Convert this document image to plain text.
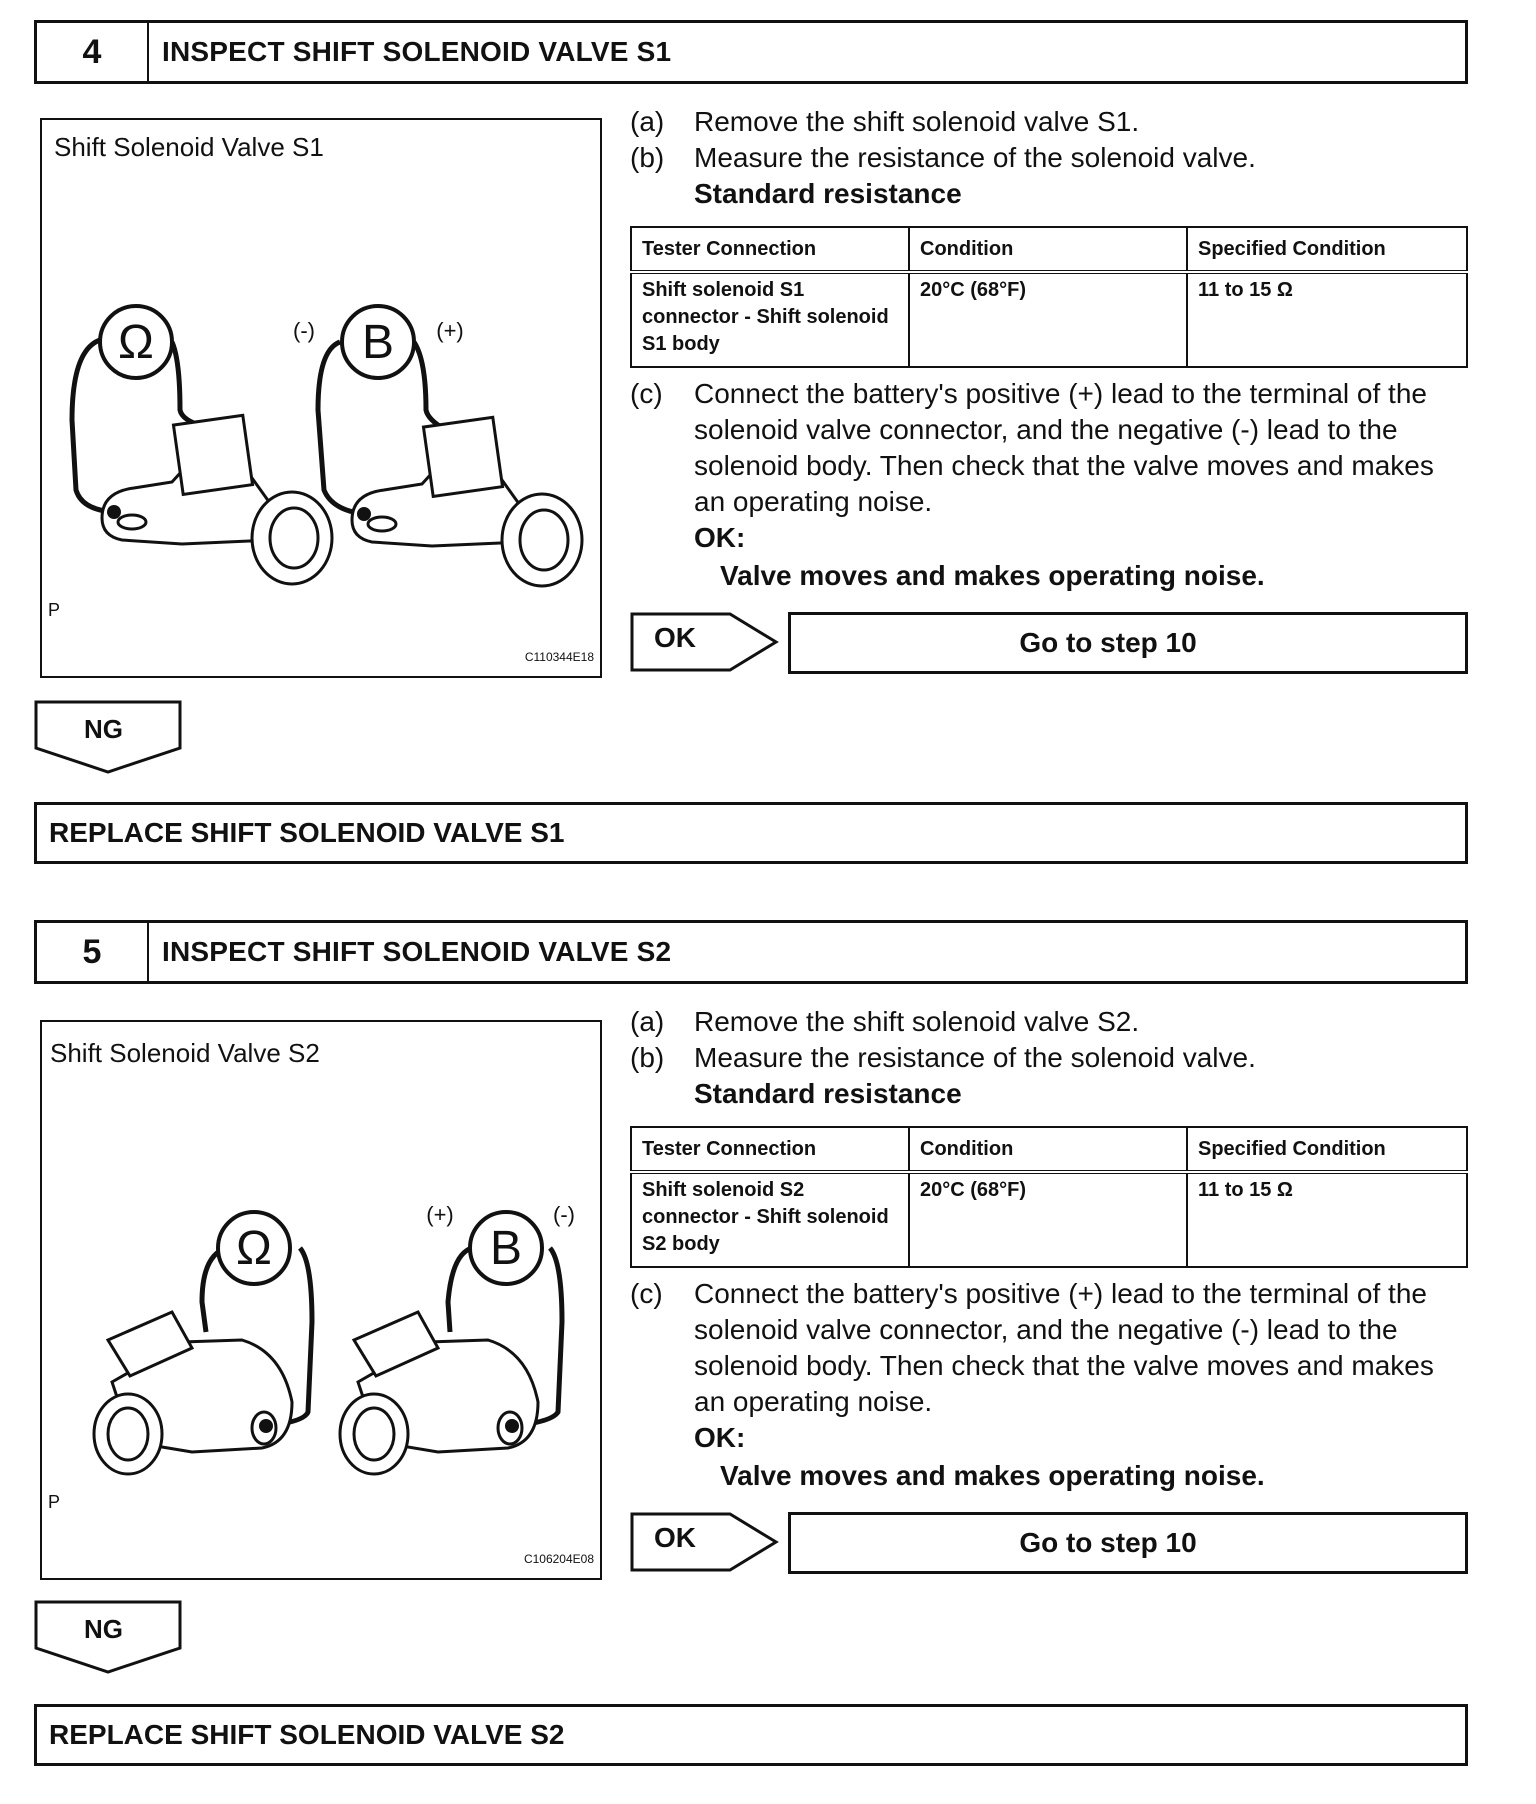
4	INSPECT SHIFT SOLENOID VALVE S1
Shift Solenoid Valve S1
Ω	B
(-)	(+)
P
C110344E18
(a) Remove the shift solenoid valve S1.
(b) Measure the resistance of the solenoid valve.
Standard resistance
Tester Connection	Condition	Specified Condition
Shift solenoid S1 connector - Shift solenoid S1 body	20°C (68°F)	11 to 15 Ω
(c) Connect the battery's positive (+) lead to the terminal of the solenoid valve connector, and the negative (-) lead to the solenoid body. Then check that the valve moves and makes an operating noise.
OK:
Valve moves and makes operating noise.
OK	Go to step 10
NG
REPLACE SHIFT SOLENOID VALVE S1
5	INSPECT SHIFT SOLENOID VALVE S2
Shift Solenoid Valve S2
Ω	B
(+)	(-)
P
C106204E08
(a) Remove the shift solenoid valve S2.
(b) Measure the resistance of the solenoid valve.
Standard resistance
Tester Connection	Condition	Specified Condition
Shift solenoid S2 connector - Shift solenoid S2 body	20°C (68°F)	11 to 15 Ω
(c) Connect the battery's positive (+) lead to the terminal of the solenoid valve connector, and the negative (-) lead to the solenoid body. Then check that the valve moves and makes an operating noise.
OK:
Valve moves and makes operating noise.
OK	Go to step 10
NG
REPLACE SHIFT SOLENOID VALVE S2
